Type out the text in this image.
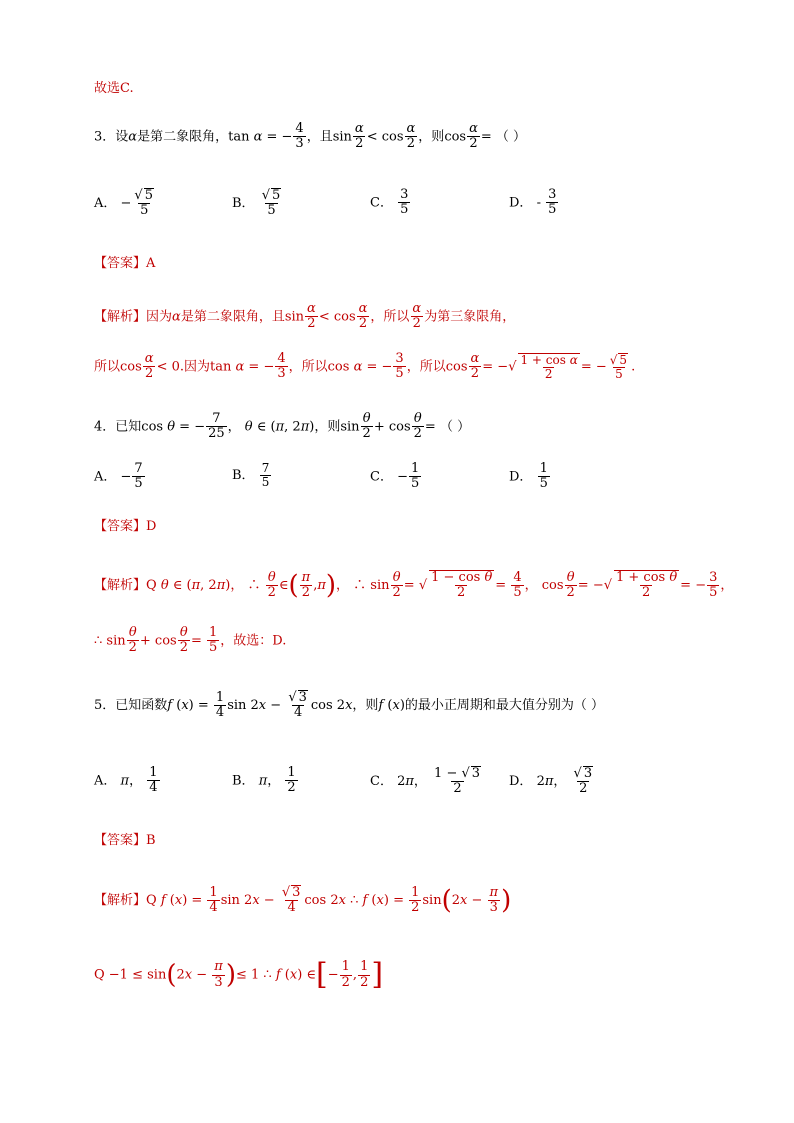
故选C.
3．设α是第二象限角，tan α = − $\frac{4}{3}$ ，且$\sin \frac{\alpha}{2} < \cos \frac{\alpha}{2}$ ，则$\cos \frac{\alpha}{2}$ = （ ）
A． − $\frac{√ 5}{5}$	B． $\frac{√ 5}{5}$	C． $\frac{3}{5}$	D． - $\frac{3}{5}$
【答案】A
【解析】因为α是第二象限角，且$\sin \frac{\alpha}{2} < \cos \frac{\alpha}{2}$ ，所以 $\frac{\alpha}{2}$ 为第三象限角，
所以$\cos \frac{\alpha}{2} < 0$.因为tan α = − $\frac{4}{3}$ ，所以cos α = − $\frac{3}{5}$ ，所以$\cos \frac{\alpha}{2}$ = −√ $\frac{\text{1 + cos α}}{2}$ = − $\frac{√ 5}{5}$ .
4．已知cos θ = − $\frac{7}{25}$ ， θ ∈ (π, 2π)，则$\sin \frac{\theta}{2} + \cos \frac{\theta}{2}$ = （ ）
A． − $\frac{7}{5}$	B． $\frac{7}{5}$	C． − $\frac{1}{5}$	D． $\frac{1}{5}$
【答案】D
【解析】Q θ ∈ (π, 2π)， ∴ $\frac{\theta}{2}$ ∈( $\frac{\pi}{2} ,\pi$)， ∴ $\sin \frac{\theta}{2}$ = √ $\frac{\text{1 − cos θ}}{2} = \frac{4}{5}$ ， $\cos \frac{\theta}{2}$ = −√ $\frac{\text{1 + cos θ}}{2}$ = − $\frac{3}{5}$ ，
∴ $\sin \frac{\theta}{2} + \cos \frac{\theta}{2} = \frac{1}{5}$ ，故选：D.
5．已知函数f $(x) = \frac{1}{4}$ $\sin 2x - \frac{√ 3}{4}$ cos 2x，则f (x)的最小正周期和最大值分别为（ ）
A． π， $\frac{1}{4}$	B． π， $\frac{1}{2}$	C． 2π， $\frac{1 - √ 3}{2}$ D． 2π， $\frac{√ 3}{2}$
【答案】B
【解析】Q f $(x) = \frac{1}{4}$ $\sin 2x - \frac{√ 3}{4}$ cos 2x ∴ f $(x) = \frac{1}{2} \sin(2x - \frac{\pi}{3}$ )
$Q -1 \le \sin(2x - \frac{\pi}{3}$ )≤ 1 ∴ f (x) ∈[− $\frac{1}{2}$ , $\frac{1}{2}$ ]
